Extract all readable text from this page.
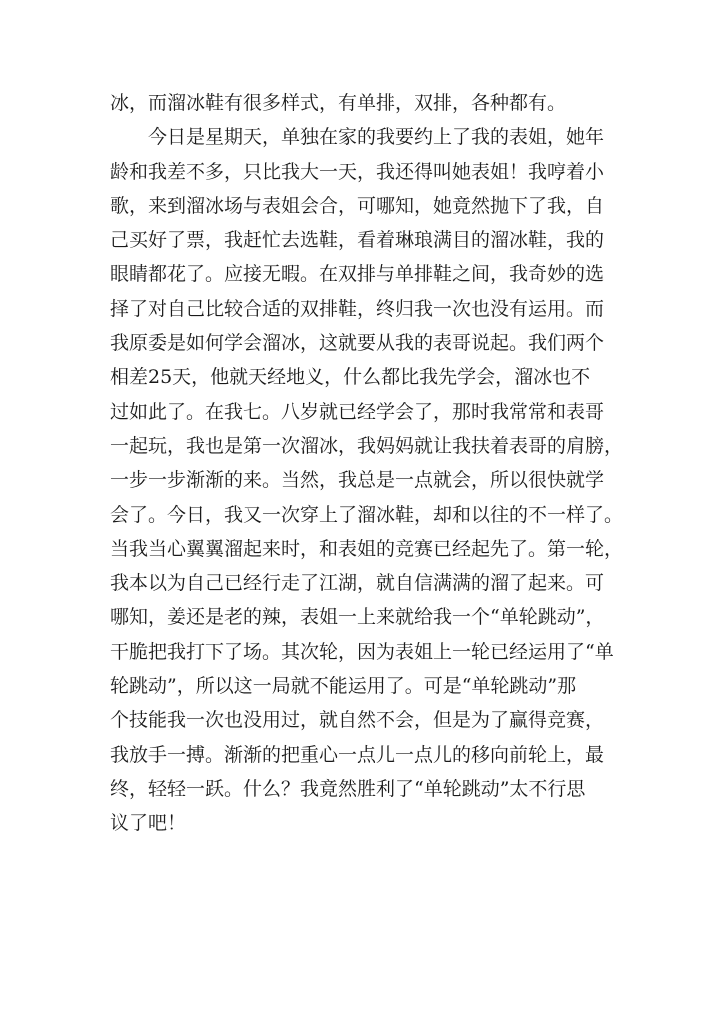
冰，而溜冰鞋有很多样式，有单排，双排，各种都有。
今日是星期天，单独在家的我要约上了我的表姐，她年
龄和我差不多，只比我大一天，我还得叫她表姐！我哼着小
歌，来到溜冰场与表姐会合，可哪知，她竟然抛下了我，自
己买好了票，我赶忙去选鞋，看着琳琅满目的溜冰鞋，我的
眼睛都花了。应接无暇。在双排与单排鞋之间，我奇妙的选
择了对自己比较合适的双排鞋，终归我一次也没有运用。而
我原委是如何学会溜冰，这就要从我的表哥说起。我们两个
相差25天，他就天经地义，什么都比我先学会，溜冰也不
过如此了。在我七。八岁就已经学会了，那时我常常和表哥
一起玩，我也是第一次溜冰，我妈妈就让我扶着表哥的肩膀，
一步一步渐渐的来。当然，我总是一点就会，所以很快就学
会了。今日，我又一次穿上了溜冰鞋，却和以往的不一样了。
当我当心翼翼溜起来时，和表姐的竞赛已经起先了。第一轮，
我本以为自己已经行走了江湖，就自信满满的溜了起来。可
哪知，姜还是老的辣，表姐一上来就给我一个“单轮跳动”，
干脆把我打下了场。其次轮，因为表姐上一轮已经运用了“单
轮跳动”，所以这一局就不能运用了。可是“单轮跳动”那
个技能我一次也没用过，就自然不会，但是为了赢得竞赛，
我放手一搏。渐渐的把重心一点儿一点儿的移向前轮上，最
终，轻轻一跃。什么？我竟然胜利了“单轮跳动”太不行思
议了吧！
